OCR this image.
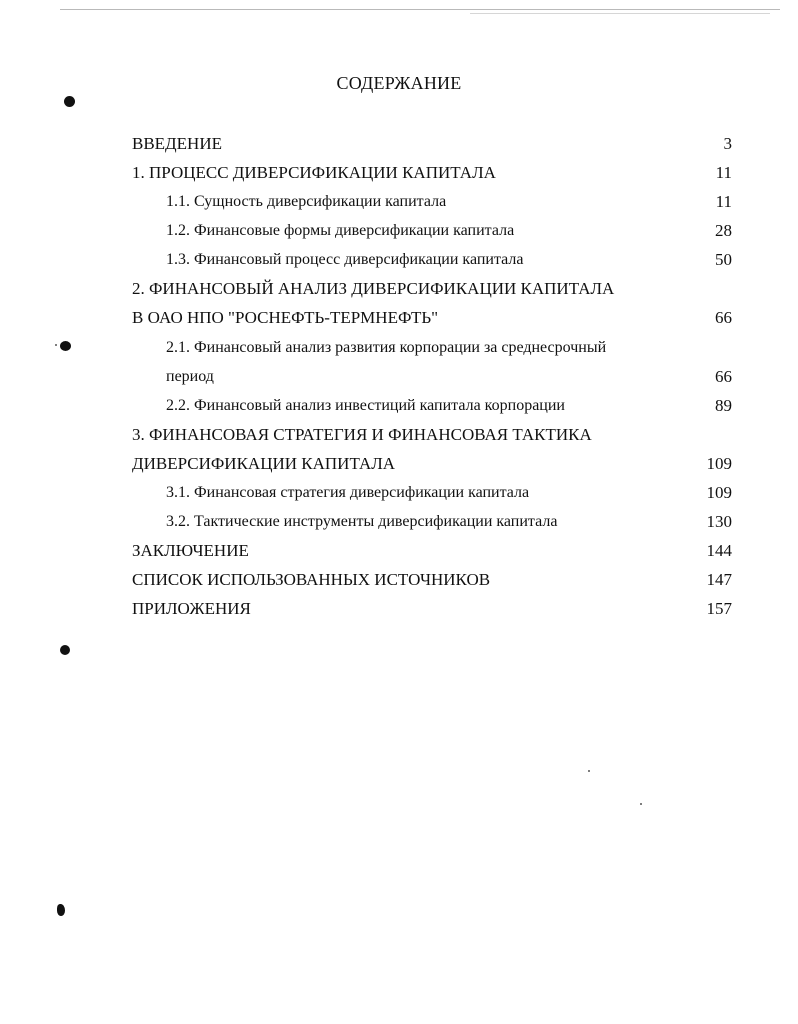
СОДЕРЖАНИЕ
ВВЕДЕНИЕ	3
1. ПРОЦЕСС ДИВЕРСИФИКАЦИИ КАПИТАЛА	11
1.1. Сущность диверсификации капитала	11
1.2. Финансовые формы диверсификации капитала	28
1.3. Финансовый процесс диверсификации капитала	50
2. ФИНАНСОВЫЙ АНАЛИЗ ДИВЕРСИФИКАЦИИ КАПИТАЛА
В ОАО НПО "РОСНЕФТЬ-ТЕРМНЕФТЬ"	66
2.1. Финансовый анализ развития корпорации за среднесрочный
период	66
2.2. Финансовый анализ инвестиций капитала корпорации	89
3. ФИНАНСОВАЯ СТРАТЕГИЯ И ФИНАНСОВАЯ ТАКТИКА
ДИВЕРСИФИКАЦИИ КАПИТАЛА	109
3.1. Финансовая стратегия диверсификации капитала	109
3.2. Тактические инструменты диверсификации капитала	130
ЗАКЛЮЧЕНИЕ	144
СПИСОК ИСПОЛЬЗОВАННЫХ ИСТОЧНИКОВ	147
ПРИЛОЖЕНИЯ	157
